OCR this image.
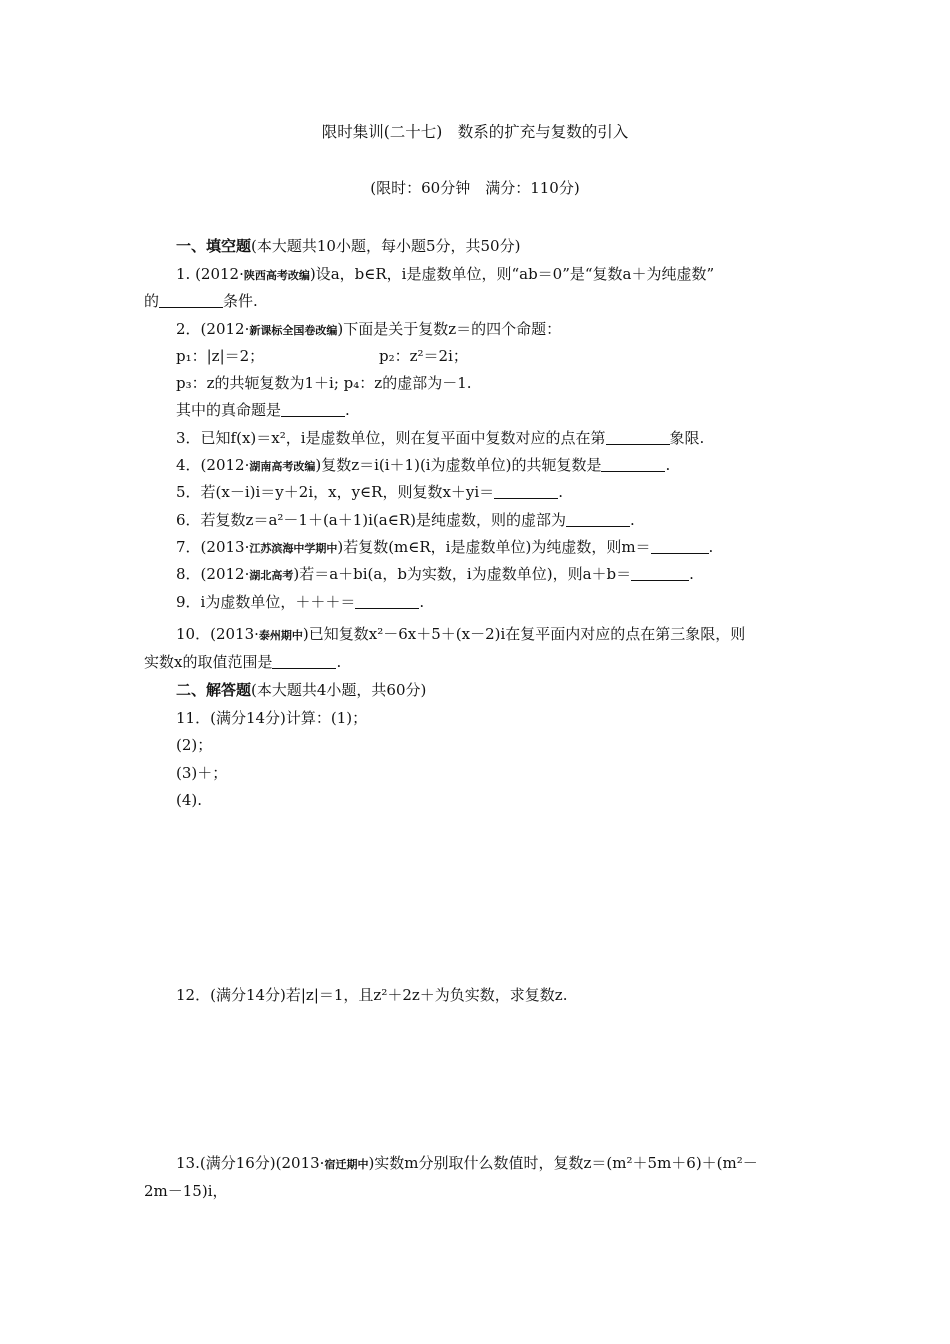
限时集训(二十七)　数系的扩充与复数的引入
(限时：60分钟　满分：110分)
一、填空题(本大题共10小题，每小题5分，共50分)
1. (2012·陕西高考改编)设a，b∈R，i是虚数单位，则“ab＝0”是“复数a＋为纯虚数”
的	条件.
2．(2012·新课标全国卷改编)下面是关于复数z＝的四个命题：
p₁：|z|＝2；	p₂：z²＝2i；
p₃：z的共轭复数为1＋i; p₄：z的虚部为－1.
其中的真命题是	.
3．已知f(x)＝x²，i是虚数单位，则在复平面中复数对应的点在第	象限.
4．(2012·湖南高考改编)复数z＝i(i＋1)(i为虚数单位)的共轭复数是	.
5．若(x－i)i＝y＋2i，x，y∈R，则复数x＋yi＝	.
6．若复数z＝a²－1＋(a＋1)i(a∈R)是纯虚数，则的虚部为	.
7．(2013·江苏滨海中学期中)若复数(m∈R，i是虚数单位)为纯虚数，则m＝	.
8．(2012·湖北高考)若＝a＋bi(a，b为实数，i为虚数单位)，则a＋b＝	.
9．i为虚数单位，＋＋＋＝	.
10．(2013·泰州期中)已知复数x²－6x＋5＋(x－2)i在复平面内对应的点在第三象限，则
实数x的取值范围是	.
二、解答题(本大题共4小题，共60分)
11．(满分14分)计算：(1)；
(2)；
(3)＋；
(4).
12．(满分14分)若|z|＝1，且z²＋2z＋为负实数，求复数z.
13.(满分16分)(2013·宿迁期中)实数m分别取什么数值时，复数z＝(m²＋5m＋6)＋(m²－
2m－15)i，
